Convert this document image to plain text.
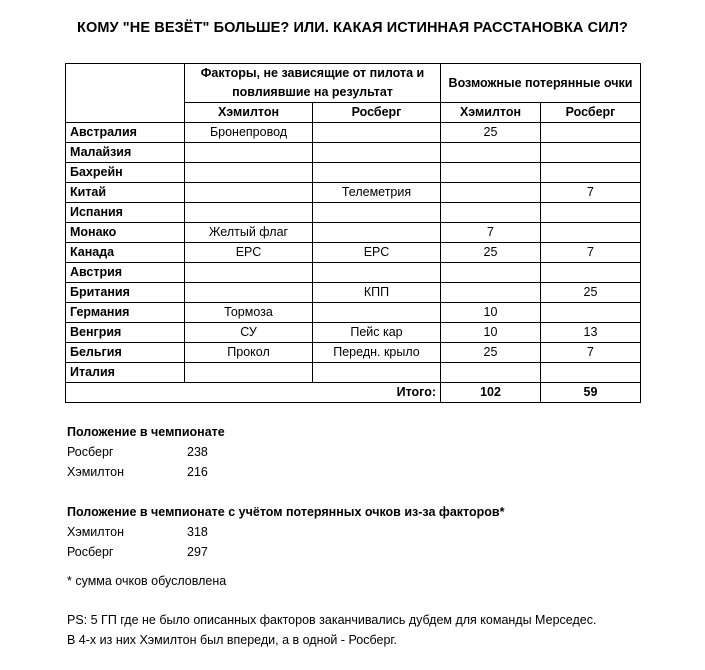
КОМУ "НЕ ВЕЗЁТ" БОЛЬШЕ? ИЛИ. КАКАЯ ИСТИННАЯ РАССТАНОВКА СИЛ?
	Факторы, не зависящие от пилота и повлиявшие на результат		Возможные потерянные очки	
	Хэмилтон	Росберг	Хэмилтон	Росберг
Австралия	Бронепровод		25	
Малайзия				
Бахрейн				
Китай		Телеметрия		7
Испания				
Монако	Желтый флаг		7	
Канада	ЕРС	ЕРС	25	7
Австрия				
Британия		КПП		25
Германия	Тормоза		10	
Венгрия	СУ	Пейс кар	10	13
Бельгия	Прокол	Передн. крыло	25	7
Италия				
Итого:			102	59
Положение в чемпионате
Росберг	238
Хэмилтон	216
Положение в чемпионате с учётом потерянных очков из-за факторов*
Хэмилтон	318
Росберг	297
* сумма очков обусловлена
PS: 5 ГП где не было описанных факторов заканчивались дубдем для команды Мерседес.
В 4-х из них Хэмилтон был впереди, а в одной - Росберг.
